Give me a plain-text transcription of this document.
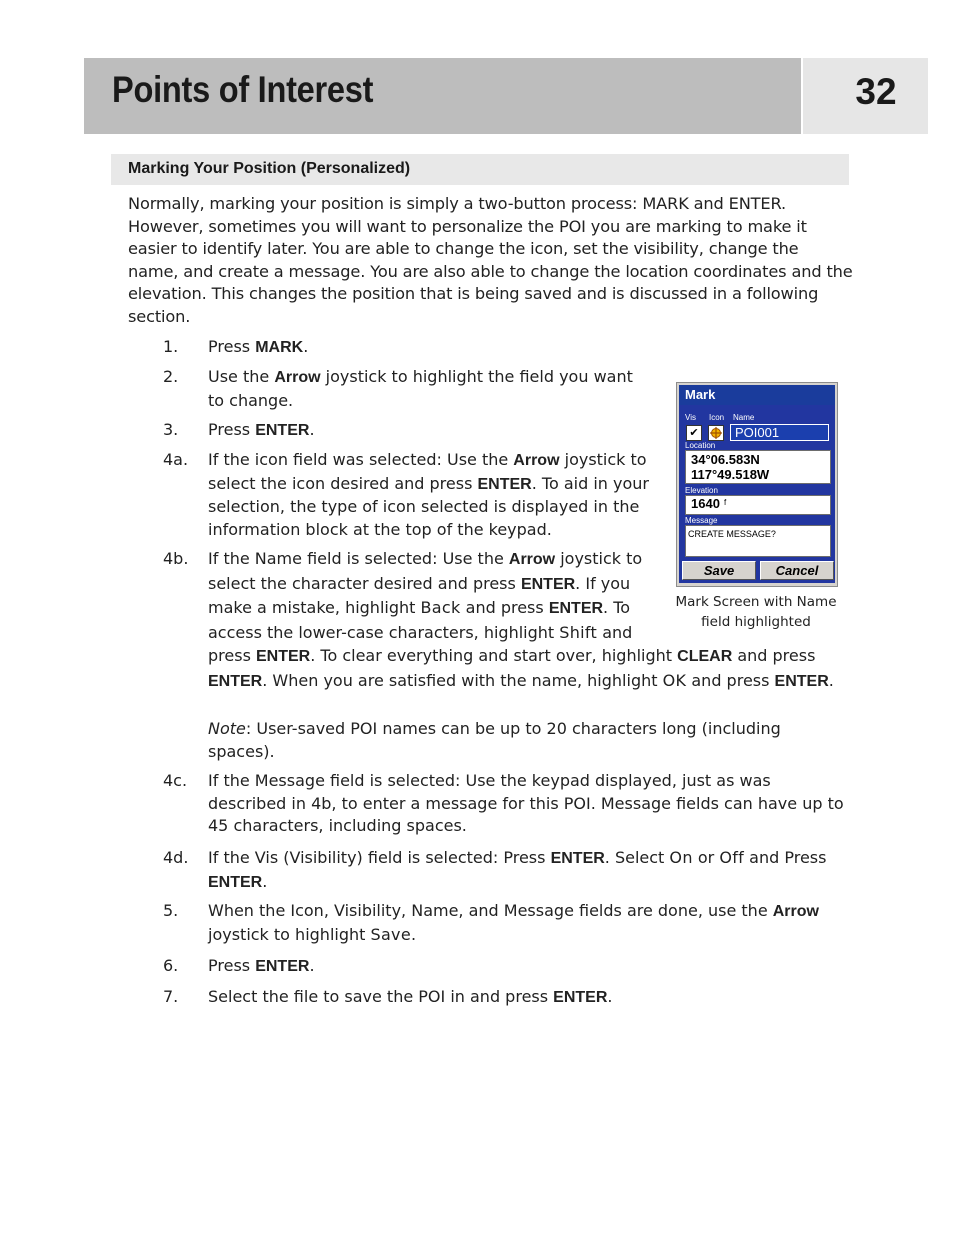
Points of Interest	32
Marking Your Position (Personalized)

Normally, marking your position is simply a two-button process: MARK and ENTER. However, sometimes you will want to personalize the POI you are marking to make it easier to identify later. You are able to change the icon, set the visibility, change the name, and create a message. You are also able to change the location coordinates and the elevation. This changes the position that is being saved and is discussed in a following section.

1. Press MARK.
2. Use the Arrow joystick to highlight the field you want to change.
3. Press ENTER.
4a. If the icon field was selected: Use the Arrow joystick to select the icon desired and press ENTER. To aid in your selection, the type of icon selected is displayed in the information block at the top of the keypad.
4b. If the Name field is selected: Use the Arrow joystick to select the character desired and press ENTER. If you make a mistake, highlight Back and press ENTER. To access the lower-case characters, highlight Shift and press ENTER. To clear everything and start over, highlight CLEAR and press ENTER. When you are satisfied with the name, highlight OK and press ENTER.
Note: User-saved POI names can be up to 20 characters long (including spaces).
4c. If the Message field is selected: Use the keypad displayed, just as was described in 4b, to enter a message for this POI. Message fields can have up to 45 characters, including spaces.
4d. If the Vis (Visibility) field is selected: Press ENTER. Select On or Off and Press ENTER.
5. When the Icon, Visibility, Name, and Message fields are done, use the Arrow joystick to highlight Save.
6. Press ENTER.
7. Select the file to save the POI in and press ENTER.
Mark
Vis Icon Name
✔	POI001
Location
34°06.583N
117°49.518W
Elevation
1640 f
Message
CREATE MESSAGE?
Save	Cancel

Mark Screen with Name field highlighted
